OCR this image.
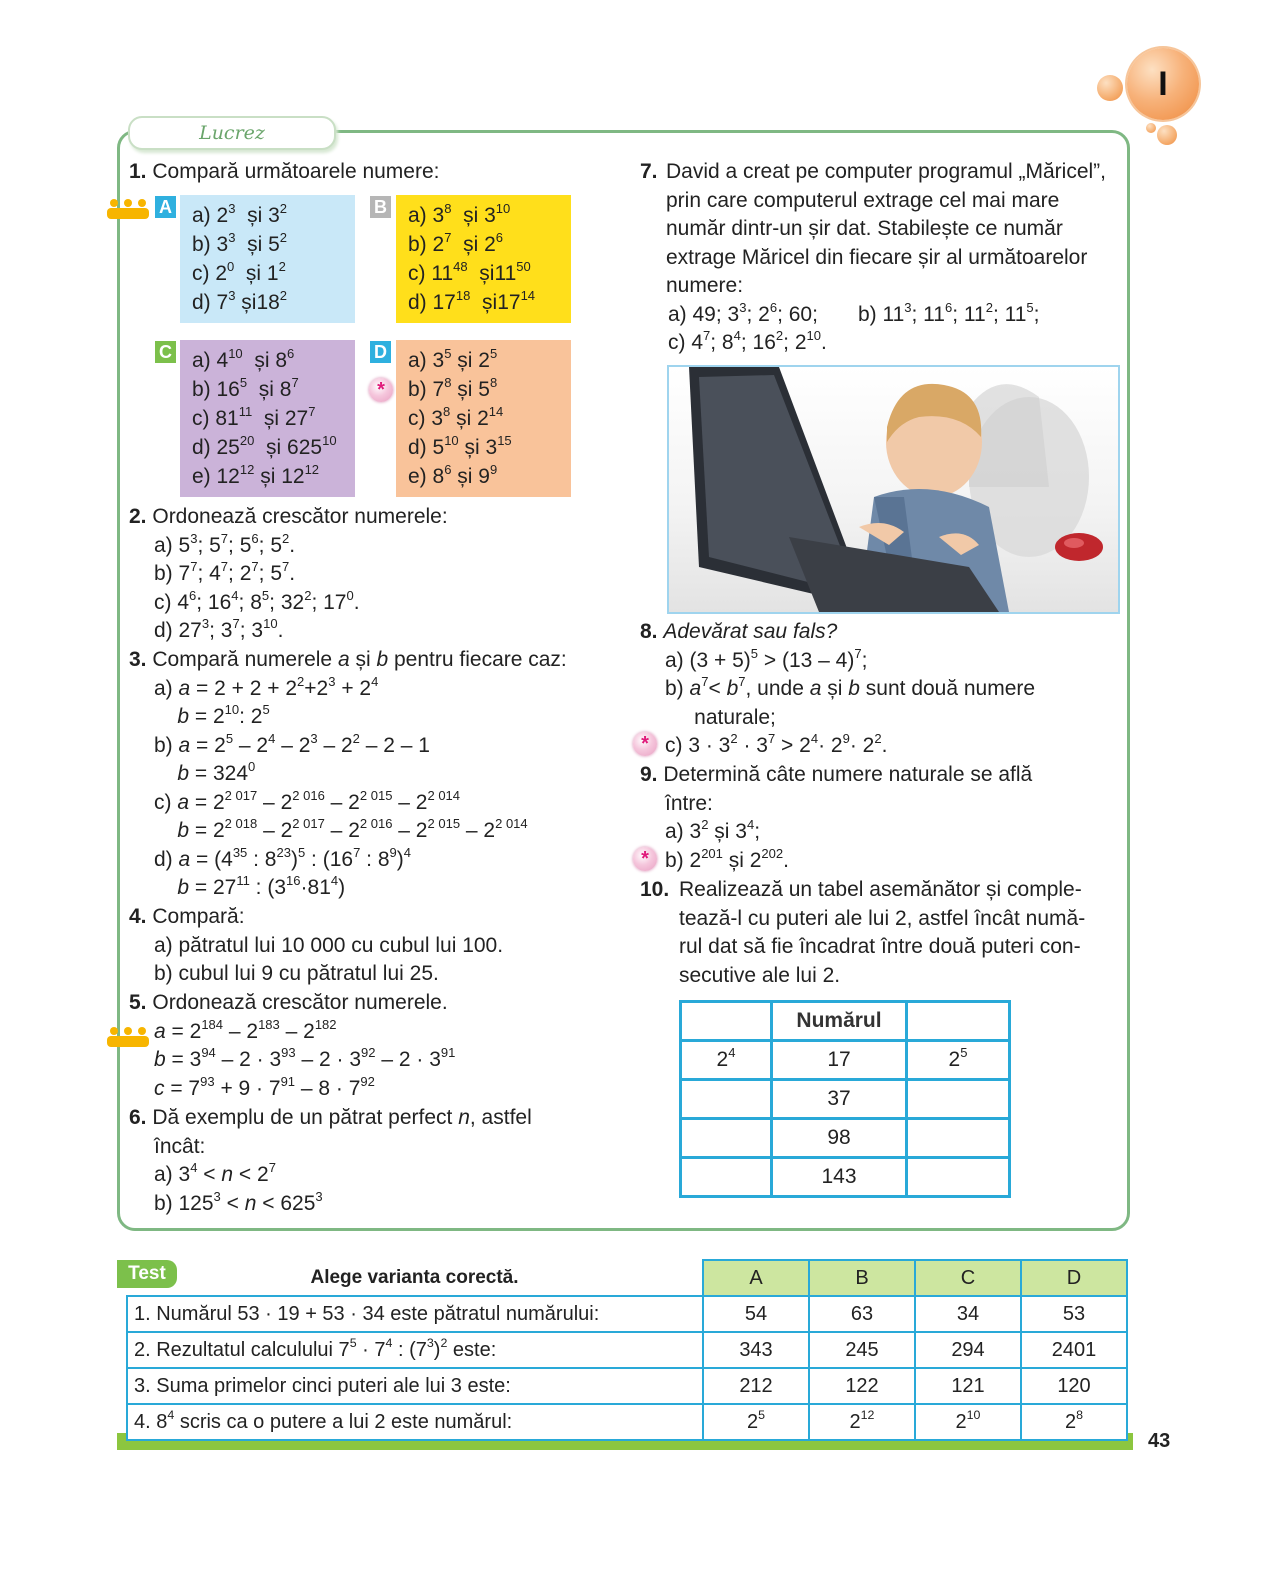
I
Lucrez
1. Compară următoarele numere:
A a) $2^3$  și $3^2$
b) $3^3$  și $5^2$
c) $2^0$  și $1^2$
d) $7^3$ $și18^2$
B a) $3^8$  și $3^{10}$
b) $2^7$  și $2^6$
c) $11^{48}$  $și11^{50}$
d) $17^{18}$  $și17^{14}$
C a) $4^{10}$  și $8^6$
b) $16^5$  și $8^7$
c) $81^{11}$  și $27^7$
d) $25^{20}$  și $625^{10}$
e) $12^{12}$ și $12^{12}$
D
*
a) $3^5$ și $2^5$
b) $7^8$ și $5^8$
c) $3^8$ și $2^{14}$
d) $5^{10}$ și $3^{15}$
e) $8^6$ și $9^9$
2. Ordonează crescător numerele:
a) $5^3$; $5^7$; $5^6$; $5^2$.
b) $7^7$; $4^7$; $2^7$; $5^7$.
c) $4^6$; $16^4$; $8^5$; $32^2$; $17^0$.
d) $27^3$; $3^7$; $3^{10}$.
3. Compară numerele a și b pentru fiecare caz:
a) $a = 2 + 2 + 2^2+2^3 + 2^4$
$b = 2^{10}$: $2^5$
b) $a = 2^5 - 2^4 - 2^3 - 2^2 - 2 - 1$
$b = 324^0$
c) $a = 2^{2 017} - 2^{2 016} - 2^{2 015} - 2^{2 014}$
$b = 2^{2 018} - 2^{2 017} - 2^{2 016} - 2^{2 015} - 2^{2 014}$
d) $a = (4^{35}$ : $8^{23})^5$ : ($16^7$ : $8^9)^4$
$b = 27^{11}$ : $(3^{16}\cdot 81^4)$
4. Compară:
a) pătratul lui 10 000 cu cubul lui 100.
b) cubul lui 9 cu pătratul lui 25.
5. Ordonează crescător numerele.
$a = 2^{184} - 2^{183} - 2^{182}$
$b = 3^{94} - 2 \cdot 3^{93} - 2 \cdot 3^{92} - 2 \cdot 3^{91}$
$c = 7^{93} + 9 \cdot 7^{91} - 8 \cdot 7^{92}$
6. Dă exemplu de un pătrat perfect n, astfel
încât:
a) $3^4 < n < 2^7$
b) $125^3 < n < 625^3$
7. David a creat pe computer programul „Măricel”,
prin care computerul extrage cel mai mare
număr dintr-un șir dat. Stabilește ce număr
extrage Măricel din fiecare șir al următoarelor
numere:
a) 49; $3^3$; $2^6$; 60; b) $11^3$; $11^6$; $11^2$; $11^5$;
c) $4^7$; $8^4$; $16^2$; $2^{10}$.
*
8. Adevărat sau fals?
a) $(3 + 5)^5 > (13 - 4)^7$;
b) $a^7< b^7$, unde a și b sunt două numere
naturale;
c) $3 \cdot 3^2 \cdot 3^7 > 2^4\cdot 2^9\cdot 2^2$.
*
9. Determină câte numere naturale se află
între:
a) $3^2$ și $3^4$;
b) $2^{201}$ și $2^{202}$.
10. Realizează un tabel asemănător și comple-
tează-l cu puteri ale lui 2, astfel încât numă-
rul dat să fie încadrat între două puteri con-
secutive ale lui 2.
	Numărul	
$2^4$	17	$2^5$
	37	
	98	
	143	
Alege varianta corectă.	A	B	C	D
1. Numărul 53 · 19 + 53 · 34 este pătratul numărului:	54	63	34	53
2. Rezultatul calculului $7^5 \cdot 7^4$ : $(7^3)^2$ este:	343	245	294	2401
3. Suma primelor cinci puteri ale lui 3 este:	212	122	121	120
4. $8^4$ scris ca o putere a lui 2 este numărul:	$2^5$	$2^{12}$	$2^{10}$	$2^8$
Test
43
